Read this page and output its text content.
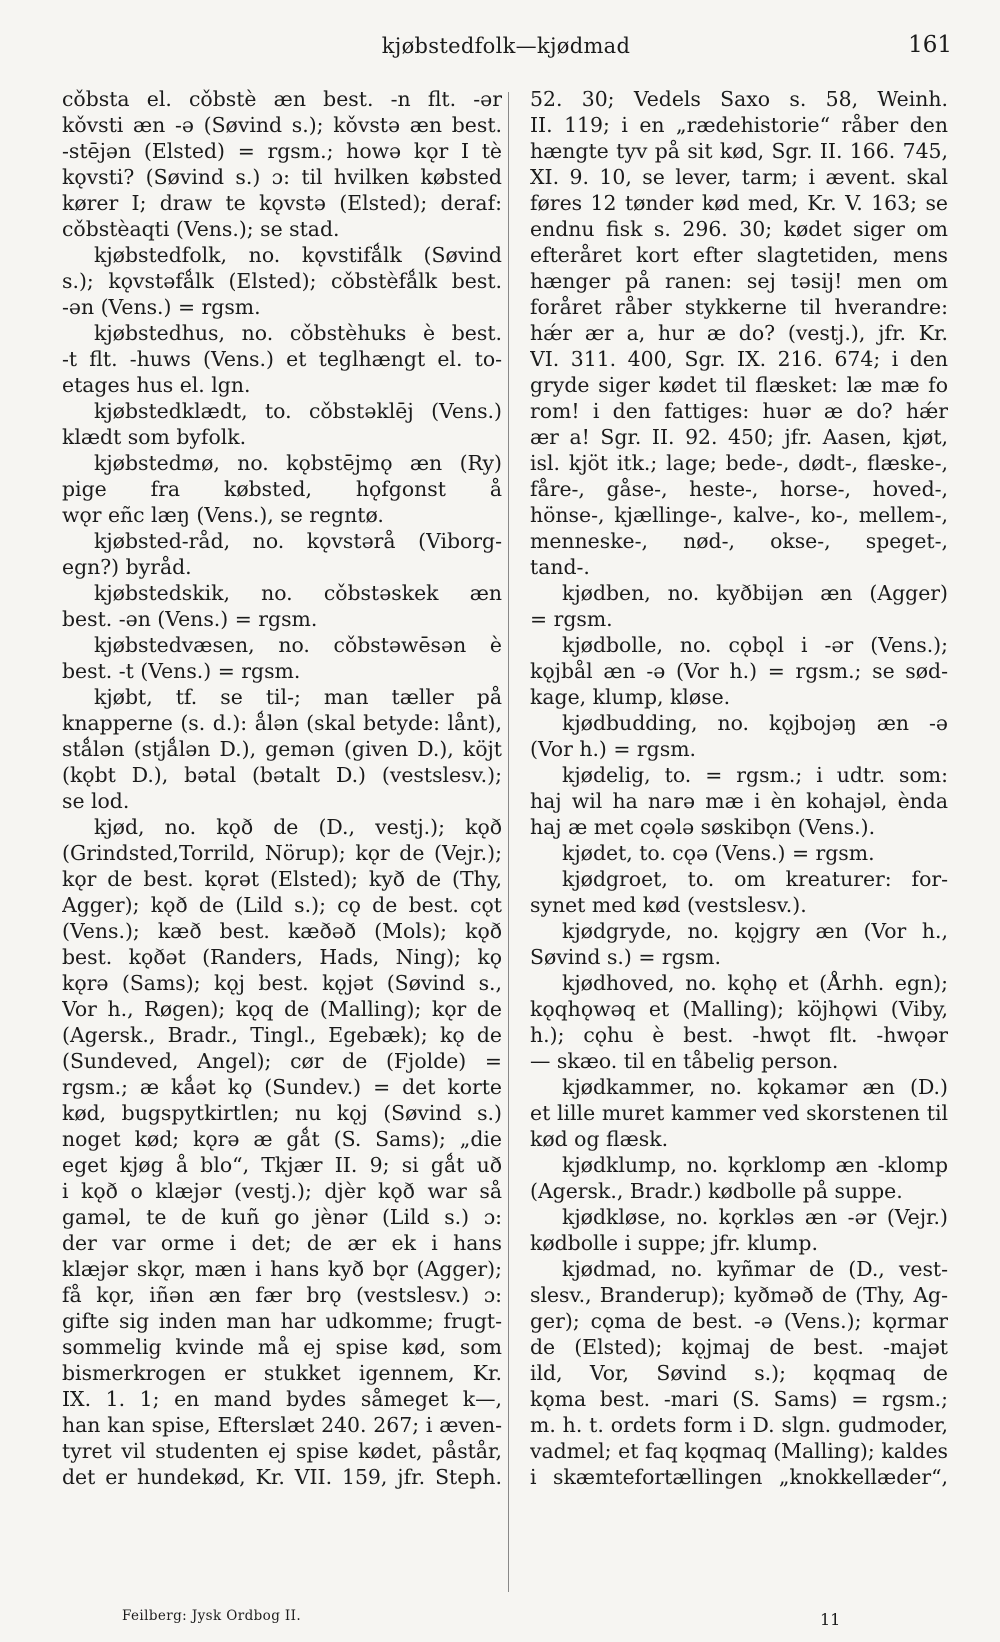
kjøbstedfolk—kjødmad	161
cǒbsta el. cǒbstè æn best. -n flt. -ər
kǒvsti æn -ə (Søvind s.); kǒvstə æn best.
-stējən (Elsted) = rgsm.; howə kǫr I tè
kǫvsti? (Søvind s.) ɔ: til hvilken købsted
kører I; draw te kǫvstə (Elsted); deraf:
cǒbstèaqti (Vens.); se stad.
kjøbstedfolk, no. kǫvstifǻlk (Søvind
s.); kǫvstəfǻlk (Elsted); cǒbstèfǻlk best.
-ən (Vens.) = rgsm.
kjøbstedhus, no. cǒbstèhuks è best.
-t flt. -huws (Vens.) et teglhængt el. to-
etages hus el. lgn.
kjøbstedklædt, to. cǒbstəklēj (Vens.)
klædt som byfolk.
kjøbstedmø, no. kǫbstējmǫ æn (Ry)
pige fra købsted, hǫfgonst å
wǫr eñc læŋ (Vens.), se regntø.
kjøbsted-råd, no. kǫvstərå (Viborg-
egn?) byråd.
kjøbstedskik, no. cǒbstəskek æn
best. -ən (Vens.) = rgsm.
kjøbstedvæsen, no. cǒbstəwēsən è
best. -t (Vens.) = rgsm.
kjøbt, tf. se til-; man tæller på
knapperne (s. d.): ǻlən (skal betyde: lånt),
stǻlən (stjǻlən D.), gemən (given D.), köjt
(kǫbt D.), bətal (bətalt D.) (vestslesv.);
se lod.
kjød, no. kǫð de (D., vestj.); kǫð
(Grindsted,Torrild, Nörup); kǫr de (Vejr.);
kǫr de best. kǫrət (Elsted); kyð de (Thy,
Agger); kǫð de (Lild s.); cǫ de best. cǫt
(Vens.); kæð best. kæðəð (Mols); kǫð
best. kǫðət (Randers, Hads, Ning); kǫ
kǫrə (Sams); kǫj best. kǫjət (Søvind s.,
Vor h., Røgen); kǫq de (Malling); kǫr de
(Agersk., Bradr., Tingl., Egebæk); kǫ de
(Sundeved, Angel); cør de (Fjolde) =
rgsm.; æ kǻət kǫ (Sundev.) = det korte
kød, bugspytkirtlen; nu kǫj (Søvind s.)
noget kød; kǫrə æ gǻt (S. Sams); „die
eget kjøg å blo“, Tkjær II. 9; si gǻt uð
i kǫð o klæjər (vestj.); djèr kǫð war så
gaməl, te de kuñ go jènər (Lild s.) ɔ:
der var orme i det; de ær ek i hans
klæjər skǫr, mæn i hans kyð bǫr (Agger);
få kǫr, iñən æn fær brǫ (vestslesv.) ɔ:
gifte sig inden man har udkomme; frugt-
sommelig kvinde må ej spise kød, som
bismerkrogen er stukket igennem, Kr.
IX. 1. 1; en mand bydes såmeget k—,
han kan spise, Efterslæt 240. 267; i æven-
tyret vil studenten ej spise kødet, påstår,
det er hundekød, Kr. VII. 159, jfr. Steph.
52. 30; Vedels Saxo s. 58, Weinh.
II. 119; i en „rædehistorie“ råber den
hængte tyv på sit kød, Sgr. II. 166. 745,
XI. 9. 10, se lever, tarm; i ævent. skal
føres 12 tønder kød med, Kr. V. 163; se
endnu fisk s. 296. 30; kødet siger om
efteråret kort efter slagtetiden, mens
hænger på ranen: sej təsij! men om
foråret råber stykkerne til hverandre:
hǽr ær a, hur æ do? (vestj.), jfr. Kr.
VI. 311. 400, Sgr. IX. 216. 674; i den
gryde siger kødet til flæsket: læ mæ fo
rom! i den fattiges: huər æ do? hǽr
ær a! Sgr. II. 92. 450; jfr. Aasen, kjøt,
isl. kjöt itk.; lage; bede-, dødt-, flæske-,
fåre-, gåse-, heste-, horse-, hoved-,
hönse-, kjællinge-, kalve-, ko-, mellem-,
menneske-, nød-, okse-, speget-,
tand-.
kjødben, no. kyðbijən æn (Agger)
= rgsm.
kjødbolle, no. cǫbǫl i -ər (Vens.);
kǫjbål æn -ə (Vor h.) = rgsm.; se sød-
kage, klump, kløse.
kjødbudding, no. kǫjbojəŋ æn -ə
(Vor h.) = rgsm.
kjødelig, to. = rgsm.; i udtr. som:
haj wil ha narə mæ i èn kohajəl, ènda
haj æ met cǫələ søskibǫn (Vens.).
kjødet, to. cǫə (Vens.) = rgsm.
kjødgroet, to. om kreaturer: for-
synet med kød (vestslesv.).
kjødgryde, no. kǫjgry æn (Vor h.,
Søvind s.) = rgsm.
kjødhoved, no. kǫhǫ et (Århh. egn);
kǫqhǫwəq et (Malling); köjhǫwi (Viby,
h.); cǫhu è best. -hwǫt flt. -hwǫər
— skæo. til en tåbelig person.
kjødkammer, no. kǫkamər æn (D.)
et lille muret kammer ved skorstenen til
kød og flæsk.
kjødklump, no. kǫrklomp æn -klomp
(Agersk., Bradr.) kødbolle på suppe.
kjødkløse, no. kǫrkləs æn -ər (Vejr.)
kødbolle i suppe; jfr. klump.
kjødmad, no. kyñmar de (D., vest-
slesv., Branderup); kyðməð de (Thy, Ag-
ger); cǫma de best. -ə (Vens.); kǫrmar
de (Elsted); kǫjmaj de best. -majət
ild, Vor, Søvind s.); kǫqmaq de
kǫma best. -mari (S. Sams) = rgsm.;
m. h. t. ordets form i D. slgn. gudmoder,
vadmel; et faq kǫqmaq (Malling); kaldes
i skæmtefortællingen „knokkellæder“,
Feilberg: Jysk Ordbog II.	11
